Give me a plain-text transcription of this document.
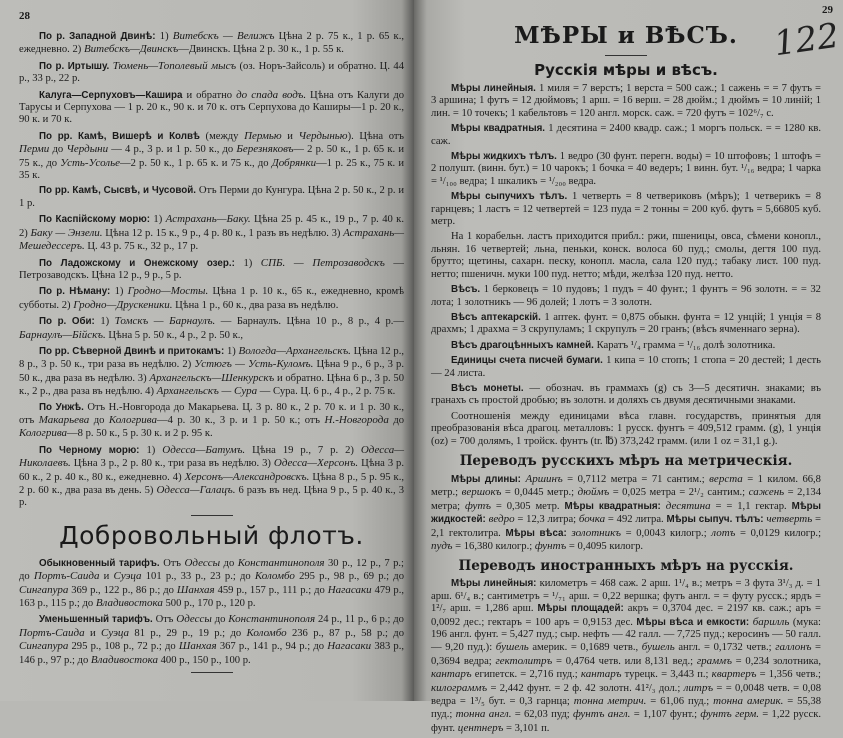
28

По р. Западной Двинѣ: 1) Витебскъ — Велижъ Цѣна 2 р. 75 к., 1 р. 65 к., ежедневно. 2) Витебскъ—Двинскъ—Двинскъ. Цѣна 2 р. 30 к., 1 р. 55 к.

По р. Иртышу. Тюмень—Тополевый мысъ (оз. Норъ-Зайсоль) и обратно. Ц. 44 р., 33 р., 22 р.

Калуга—Серпуховъ—Кашира и обратно до спада водъ. Цѣна отъ Калуги до Тарусы и Серпухова — 1 р. 20 к., 90 к. и 70 к. отъ Серпухова до Каширы—1 р. 20 к., 90 к. и 70 к.

По рр. Камѣ, Вишерѣ и Колвѣ (между Пермью и Чердынью). Цѣна отъ Перми до Чердыни — 4 р., 3 р. и 1 р. 50 к., до Березняковъ— 2 р. 50 к., 1 р. 65 к. и 75 к., до Усть-Усолье—2 р. 50 к., 1 р. 65 к. и 75 к., до Добрянки—1 р. 25 к., 75 к. и 35 к.

По рр. Камѣ, Сысвѣ, и Чусовой. Отъ Перми до Кунгура. Цѣна 2 р. 50 к., 2 р. и 1 р.

По Каспійскому морю: 1) Астрахань—Баку. Цѣна 25 р. 45 к., 19 р., 7 р. 40 к. 2) Баку — Энзели. Цѣна 12 р. 15 к., 9 р., 4 р. 80 к., 1 разъ въ недѣлю. 3) Астрахань—Мешедессеръ. Ц. 43 р. 75 к., 32 р., 17 р.

По Ладожскому и Онежскому озер.: 1) СПБ. — Петрозаводскъ — Петрозаводскъ. Цѣна 12 р., 9 р., 5 р.

По р. Нѣману: 1) Гродно—Мосты. Цѣна 1 р. 10 к., 65 к., ежедневно, кромѣ субботы. 2) Гродно—Друскеники. Цѣна 1 р., 60 к., два раза въ недѣлю.

По р. Оби: 1) Томскъ — Барнаулъ. — Барнаулъ. Цѣна 10 р., 8 р., 4 р.—Барнаулъ—Бійскъ. Цѣна 5 р. 50 к., 4 р., 2 р. 50 к.,

По рр. Сѣверной Двинѣ и притокамъ: 1) Вологда—Архангельскъ. Цѣна 12 р., 8 р., 3 р. 50 к., три раза въ недѣлю. 2) Устюгъ — Усть-Куломъ. Цѣна 9 р., 6 р., 3 р. 50 к., два раза въ недѣлю. 3) Архангельскъ—Шенкурскъ и обратно. Цѣна 6 р., 3 р. 50 к., 2 р., два раза въ недѣлю. 4) Архангельскъ — Сура — Сура. Ц. 6 р., 4 р., 2 р. 75 к.

По Унжѣ. Отъ Н.-Новгорода до Макарьева. Ц. 3 р. 80 к., 2 р. 70 к. и 1 р. 30 к., отъ Макарьева до Кологрива—4 р. 30 к., 3 р. и 1 р. 50 к.; отъ Н.-Новгорода до Кологрива—8 р. 50 к., 5 р. 30 к. и 2 р. 95 к.

По Черному морю: 1) Одесса—Батумъ. Цѣна 19 р., 7 р. 2) Одесса—Николаевъ. Цѣна 3 р., 2 р. 80 к., три раза въ недѣлю. 3) Одесса—Херсонъ. Цѣна 3 р. 60 к., 2 р. 40 к., 80 к., ежедневно. 4) Херсонъ—Александровскъ. Цѣна 8 р., 5 р. 95 к., 2 р. 60 к., два раза въ день. 5) Одесса—Галацъ. 6 разъ въ нед. Цѣна 9 р., 5 р. 40 к., 3 р.

Добровольный флотъ.

Обыкновенный тарифъ. Отъ Одессы до Константинополя 30 р., 12 р., 7 р.; до Портъ-Саида и Суэца 101 р., 33 р., 23 р.; до Коломбо 295 р., 98 р., 69 р.; до Сингапура 369 р., 122 р., 86 р.; до Шанхая 459 р., 157 р., 111 р.; до Нагасаки 479 р., 163 р., 115 р.; до Владивостока 500 р., 170 р., 120 р.

Уменьшенный тарифъ. Отъ Одессы до Константинополя 24 р., 11 р., 6 р.; до Портъ-Саида и Суэца 81 р., 29 р., 19 р.; до Коломбо 236 р., 87 р., 58 р.; до Сингапура 295 р., 108 р., 72 р.; до Шанхая 367 р., 141 р., 94 р.; до Нагасаки 383 р., 146 р., 97 р.; до Владивостока 400 р., 150 р., 100 р.

29
122

МѢРЫ и ВѢСЪ.

Русскія мѣры и вѣсъ.

Мѣры линейныя. 1 миля = 7 верстъ; 1 верста = 500 саж.; 1 сажень = = 7 футъ = 3 аршина; 1 футъ = 12 дюймовъ; 1 арш. = 16 верш. = 28 дюйм.; 1 дюймъ = 10 линій; 1 лин. = 10 точекъ; 1 кабельтовъ = 120 англ. морск. саж. = 720 футъ = 102⁶/₇ с.

Мѣры квадратныя. 1 десятина = 2400 квадр. саж.; 1 моргъ польск. = = 1280 кв. саж.

Мѣры жидкихъ тѣлъ. 1 ведро (30 фунт. перегн. воды) = 10 штофовъ; 1 штофъ = 2 полушт. (винн. бут.) = 10 чарокъ; 1 бочка = 40 ведеръ; 1 винн. бут. ¹/₁₆ ведра; 1 чарка = ¹/₁₀₀ ведра; 1 шкаликъ = ¹/₂₀₀ ведра.

Мѣры сыпучихъ тѣлъ. 1 четверть = 8 четвериковъ (мѣръ); 1 четверикъ = 8 гарнцевъ; 1 ластъ = 12 четвертей = 123 пуда = 2 тонны = 200 куб. футъ = 5,66805 куб. метр.

На 1 корабельн. ластъ приходится прибл.: ржи, пшеницы, овса, сѣмени конопл., льнян. 16 четвертей; льна, пеньки, конск. волоса 60 пуд.; смолы, дегтя 100 пуд. брутто; щетины, сахарн. песку, конопл. масла, сала 120 пуд.; табаку лист. 100 пуд. нетто; пшеничн. муки 100 пуд. нетто; мѣди, желѣза 120 пуд. нетто.

Вѣсъ. 1 берковецъ = 10 пудовъ; 1 пудъ = 40 фунт.; 1 фунтъ = 96 золотн. = = 32 лота; 1 золотникъ — 96 долей; 1 лотъ = 3 золотн.

Вѣсъ аптекарскій. 1 аптек. фунт. = 0,875 обыкн. фунта = 12 унцій; 1 унція = 8 драхмъ; 1 драхма = 3 скрупуламъ; 1 скрупулъ = 20 гранъ; (вѣсъ ячменнаго зерна).

Вѣсъ драгоцѣнныхъ камней. Каратъ ¹/₄ грамма = ¹/₁₆ долѣ золотника.

Единицы счета писчей бумаги. 1 кипа = 10 стопъ; 1 стопа = 20 дестей; 1 десть — 24 листа.

Вѣсъ монеты. — обознач. въ граммахъ (g) съ 3—5 десятичн. знаками; въ гранахъ съ простой дробью; въ золотн. и доляхъ съ двумя десятичными знаками.

Соотношенія между единицами вѣса главн. государствъ, принятыя для преобразованія вѣса драгоц. металловъ: 1 русск. фунтъ = 409,512 грамм. (g), 1 унція (oz) = 700 долямъ, 1 тройск. фунтъ (tr. ℔) 373,242 грамм. (или 1 oz = 31,1 g.).

Переводъ русскихъ мѣръ на метрическія.

Мѣры длины: Аршинъ = 0,7112 метра = 71 сантим.; верста = 1 килом. 66,8 метр.; вершокъ = 0,0445 метр.; дюймъ = 0,025 метра = 2¹/₂ сантим.; сажень = 2,134 метра; футъ = 0,305 метр. Мѣры квадратныя: десятина = = 1,1 гектар. Мѣры жидкостей: ведро = 12,3 литра; бочка = 492 литра. Мѣры сыпуч. тѣлъ: четверть = 2,1 гектолитра. Мѣры вѣса: золотникъ = 0,0043 килогр.; лотъ = 0,0129 килогр.; пудъ = 16,380 килогр.; фунтъ = 0,4095 килогр.

Переводъ иностранныхъ мѣръ на русскія.

Мѣры линейныя: километръ = 468 саж. 2 арш. 1¹/₄ в.; метръ = 3 фута 3¹/₃ д. = 1 арш. 6¹/₄ в.; сантиметръ = ¹/₇₁ арш. = 0,22 вершка; футъ англ. = = футу русск.; ярдъ = 1²/₇ арш. = 1,286 арш. Мѣры площадей: акръ = 0,3704 дес. = 2197 кв. саж.; аръ = 0,0092 дес.; гектаръ = 100 аръ = 0,9153 дес. Мѣры вѣса и емкости: барилль (мука: 196 англ. фунт. = 5,427 пуд.; сыр. нефть — 42 галл. — 7,725 пуд.; керосинъ — 50 галл. — 9,20 пуд.): бушель америк. = 0,1689 четв., бушель англ. = 0,1732 четв.; галлонъ = 0,3694 ведра; гектолитръ = 0,4764 четв. или 8,131 вед.; граммъ = 0,234 золотника, кантаръ египетск. = 2,716 пуд.; кантаръ турецк. = 3,443 п.; квартеръ = 1,356 четв.; килограммъ = 2,442 фунт. = 2 ф. 42 золотн. 41²/₃ дол.; литръ = = 0,0048 четв. = 0,08 ведра = 1³/₅ бут. = 0,3 гарнца; тонна метрич. = 61,06 пуд.; тонна америк. = 55,38 пуд.; тонна англ. = 62,03 пуд; фунтъ англ. = 1,107 фунт.; фунтъ герм. = 1,22 русск. фунт. центнеръ = 3,101 п.
